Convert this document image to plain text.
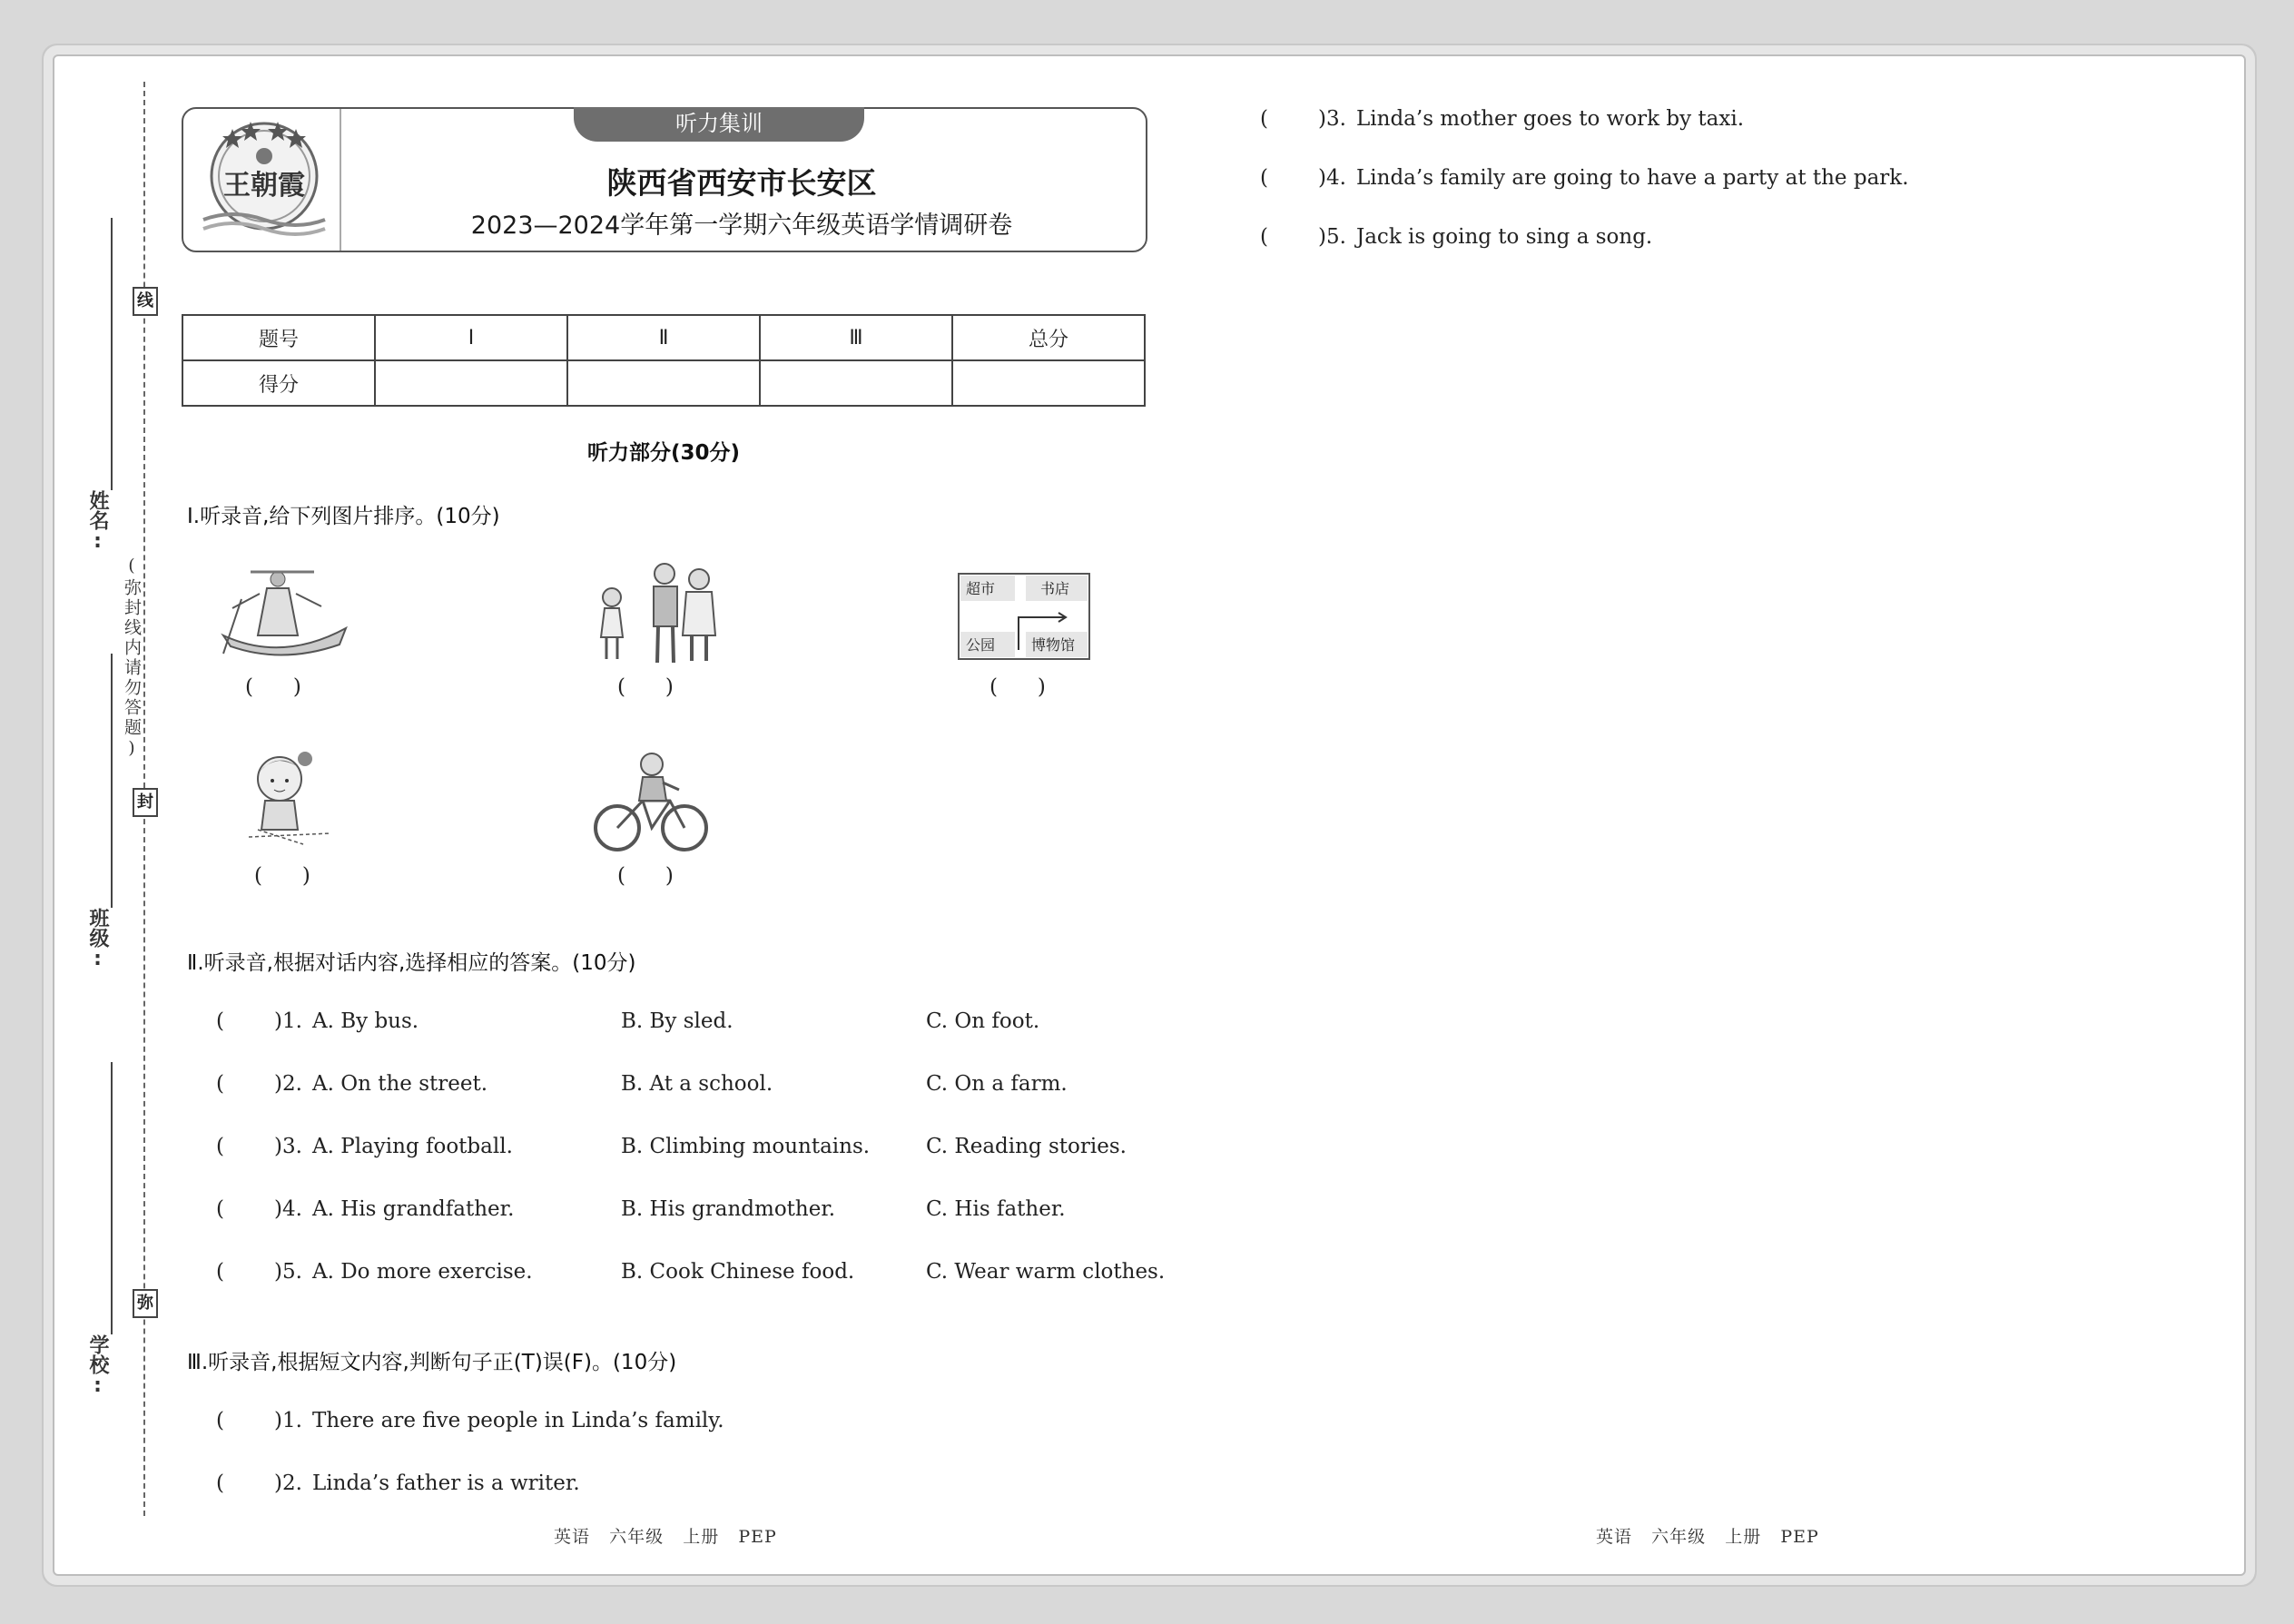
姓名:
班级:
学校:
线
封
弥
(弥封线内请勿答题)
听力集训
王朝霞	陕西省西安市长安区
2023—2024学年第一学期六年级英语学情调研卷
题号	Ⅰ	Ⅱ	Ⅲ	总分
得分				
听力部分(30分)
Ⅰ.听录音,给下列图片排序。(10分)
(      )	(      )
超市	书店
公园 博物馆
(      )
(      )	(      )
Ⅱ.听录音,根据对话内容,选择相应的答案。(10分)
( )1. A. By bus.	B. By sled.	C. On foot.
( )2. A. On the street.	B. At a school.	C. On a farm.
( )3. A. Playing football.	B. Climbing mountains.	C. Reading stories.
( )4. A. His grandfather.	B. His grandmother.	C. His father.
( )5. A. Do more exercise.	B. Cook Chinese food.	C. Wear warm clothes.
Ⅲ.听录音,根据短文内容,判断句子正(T)误(F)。(10分)
( )1. There are five people in Linda’s family.
( )2. Linda’s father is a writer.
( )3. Linda’s mother goes to work by taxi.
( )4. Linda’s family are going to have a party at the park.
( )5. Jack is going to sing a song.
英语   六年级   上册   PEP	英语   六年级   上册   PEP
